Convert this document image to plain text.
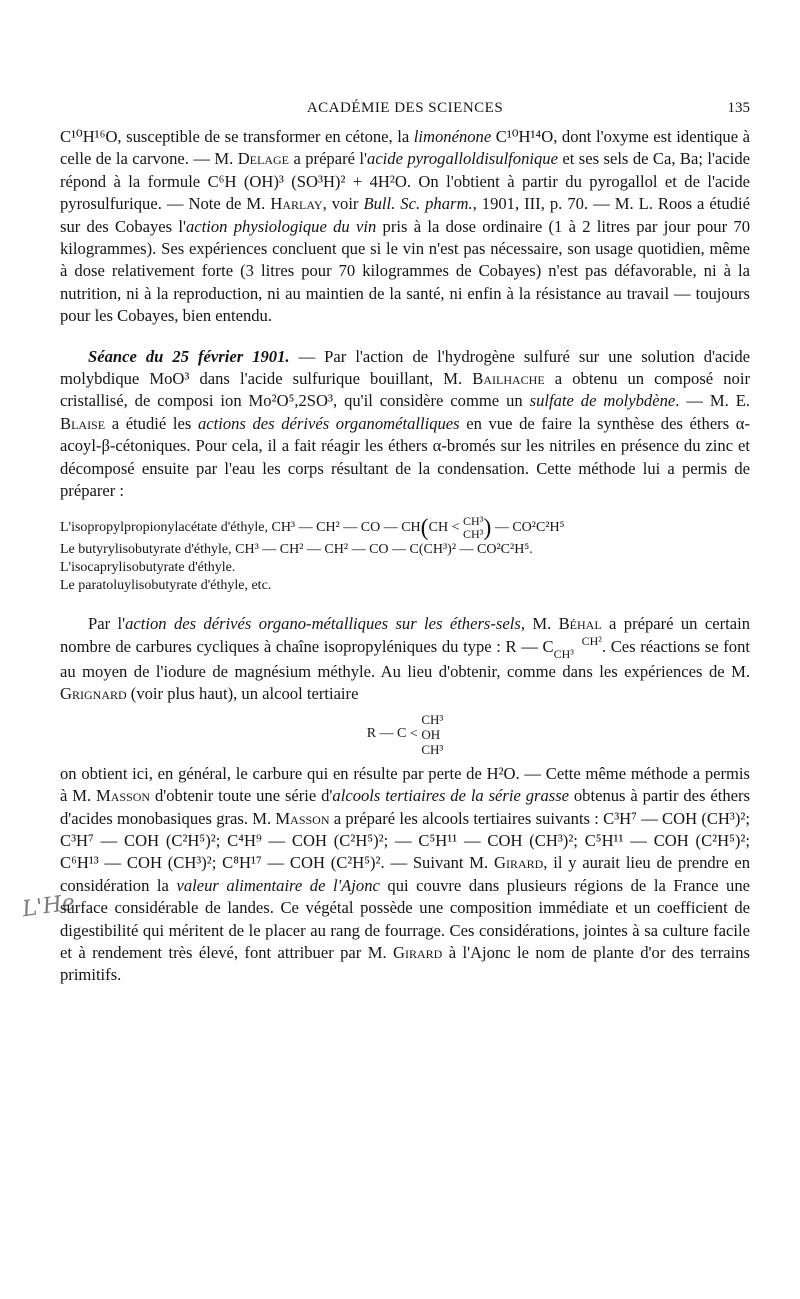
ACADÉMIE DES SCIENCES	135
L'He

C¹⁰H¹⁶O, susceptible de se transformer en cétone, la limonénone C¹⁰H¹⁴O, dont l'oxyme est identique à celle de la carvone. — M. Delage a préparé l'acide pyrogalloldisulfonique et ses sels de Ca, Ba; l'acide répond à la formule C⁶H (OH)³ (SO³H)² + 4H²O. On l'obtient à partir du pyrogallol et de l'acide pyrosulfurique. — Note de M. Harlay, voir Bull. Sc. pharm., 1901, III, p. 70. — M. L. Roos a étudié sur des Cobayes l'action physiologique du vin pris à la dose ordinaire (1 à 2 litres par jour pour 70 kilogrammes). Ses expériences concluent que si le vin n'est pas nécessaire, son usage quotidien, même à dose relativement forte (3 litres pour 70 kilogrammes de Cobayes) n'est pas défavorable, ni à la nutrition, ni à la reproduction, ni au maintien de la santé, ni enfin à la résistance au travail — toujours pour les Cobayes, bien entendu.

Séance du 25 février 1901. — Par l'action de l'hydrogène sulfuré sur une solution d'acide molybdique MoO³ dans l'acide sulfurique bouillant, M. Bailhache a obtenu un composé noir cristallisé, de composi ion Mo²O⁵,2SO³, qu'il considère comme un sulfate de molybdène. — M. E. Blaise a étudié les actions des dérivés organométalliques en vue de faire la synthèse des éthers α-acoyl-β-cétoniques. Pour cela, il a fait réagir les éthers α-bromés sur les nitriles en présence du zinc et décomposé ensuite par l'eau les corps résultant de la condensation. Cette méthode lui a permis de préparer :

L'isopropylpropionylacétate d'éthyle, CH³ — CH² — CO — CH(CH < CH³
CH³) — CO²C²H⁵
Le butyrylisobutyrate d'éthyle, CH³ — CH² — CH² — CO — C(CH³)² — CO²C²H⁵.
L'isocaprylisobutyrate d'éthyle.
Le paratoluylisobutyrate d'éthyle, etc.

Par l'action des dérivés organo-métalliques sur les éthers-sels, M. Béhal a préparé un certain nombre de carbures cycliques à chaîne isopropyléniques du type : R — C CH²
CH³ . Ces réactions se font au moyen de l'iodure de magnésium méthyle. Au lieu d'obtenir, comme dans les expériences de M. Grignard (voir plus haut), un alcool tertiaire

R — C < CH³
OH
CH³

on obtient ici, en général, le carbure qui en résulte par perte de H²O. — Cette même méthode a permis à M. Masson d'obtenir toute une série d'alcools tertiaires de la série grasse obtenus à partir des éthers d'acides monobasiques gras. M. Masson a préparé les alcools tertiaires suivants : C³H⁷ — COH (CH³)²; C³H⁷ — COH (C²H⁵)²; C⁴H⁹ — COH (C²H⁵)²; — C⁵H¹¹ — COH (CH³)²; C⁵H¹¹ — COH (C²H⁵)²; C⁶H¹³ — COH (CH³)²; C⁸H¹⁷ — COH (C²H⁵)². — Suivant M. Girard, il y aurait lieu de prendre en considération la valeur alimentaire de l'Ajonc qui couvre dans plusieurs régions de la France une surface considérable de landes. Ce végétal possède une composition immédiate et un coefficient de digestibilité qui méritent de le placer au rang de fourrage. Ces considérations, jointes à sa culture facile et à rendement très élevé, font attribuer par M. Girard à l'Ajonc le nom de plante d'or des terrains primitifs.
